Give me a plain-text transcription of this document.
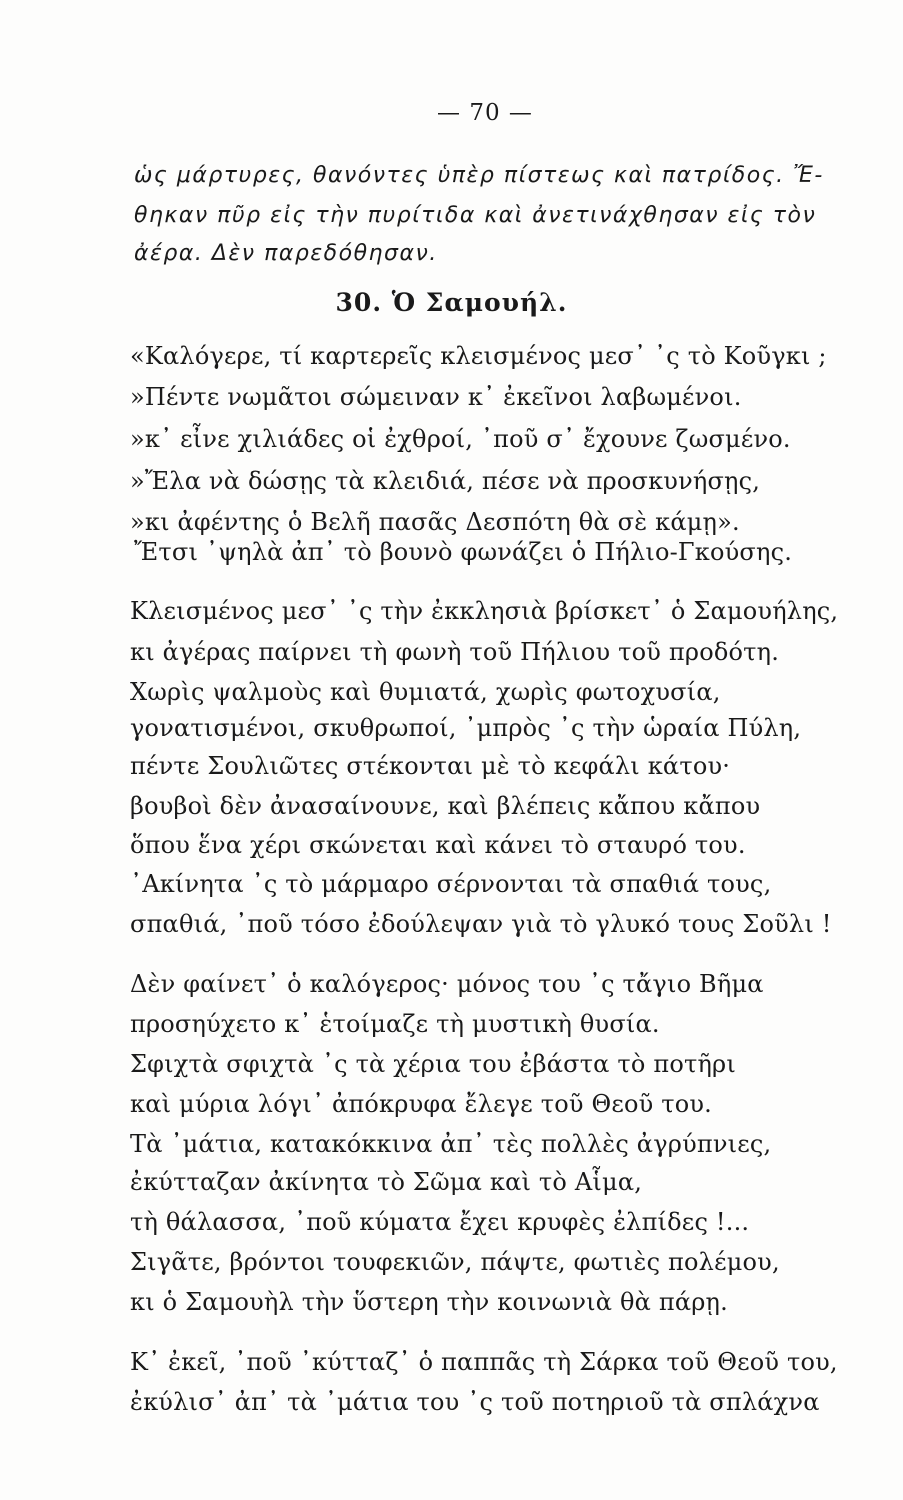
— 70 —
ὡς μάρτυρες, θανόντες ὑπὲρ πίστεως καὶ πατρίδος. Ἔ-
θηκαν πῦρ εἰς τὴν πυρίτιδα καὶ ἀνετινάχθησαν εἰς τὸν
ἀέρα. Δὲν παρεδόθησαν.
30. Ὁ Σαμουήλ.
«Καλόγερε, τί καρτερεῖς κλεισμένος μεσ᾿ ᾿ς τὸ Κοῦγκι ;
»Πέντε νωμᾶτοι σώμειναν κ᾿ ἐκεῖνοι λαβωμένοι.
»κ᾿ εἶνε χιλιάδες οἱ ἐχθροί, ᾿ποῦ σ᾿ ἔχουνε ζωσμένο.
»Ἔλα νὰ δώσῃς τὰ κλειδιά, πέσε νὰ προσκυνήσῃς,
»κι ἀφέντης ὁ Βελῆ πασᾶς Δεσπότη θὰ σὲ κάμῃ».
Ἔτσι ᾿ψηλὰ ἀπ᾿ τὸ βουνὸ φωνάζει ὁ Πήλιο-Γκούσης.
Κλεισμένος μεσ᾿ ᾿ς τὴν ἐκκλησιὰ βρίσκετ᾿ ὁ Σαμουήλης,
κι ἀγέρας παίρνει τὴ φωνὴ τοῦ Πήλιου τοῦ προδότη.
Χωρὶς ψαλμοὺς καὶ θυμιατά, χωρὶς φωτοχυσία,
γονατισμένοι, σκυθρωποί, ᾿μπρὸς ᾿ς τὴν ὡραία Πύλη,
πέντε Σουλιῶτες στέκονται μὲ τὸ κεφάλι κάτου·
βουβοὶ δὲν ἀνασαίνουνε, καὶ βλέπεις κἄπου κἄπου
ὅπου ἕνα χέρι σκώνεται καὶ κάνει τὸ σταυρό του.
᾿Ακίνητα ᾿ς τὸ μάρμαρο σέρνονται τὰ σπαθιά τους,
σπαθιά, ᾿ποῦ τόσο ἐδούλεψαν γιὰ τὸ γλυκό τους Σοῦλι !
Δὲν φαίνετ᾿ ὁ καλόγερος· μόνος του ᾿ς τἄγιο Βῆμα
προσηύχετο κ᾿ ἑτοίμαζε τὴ μυστικὴ θυσία.
Σφιχτὰ σφιχτὰ ᾿ς τὰ χέρια του ἐβάστα τὸ ποτῆρι
καὶ μύρια λόγι᾿ ἀπόκρυφα ἔλεγε τοῦ Θεοῦ του.
Τὰ ᾿μάτια, κατακόκκινα ἀπ᾿ τὲς πολλὲς ἀγρύπνιες,
ἐκύτταζαν ἀκίνητα τὸ Σῶμα καὶ τὸ Αἷμα,
τὴ θάλασσα, ᾿ποῦ κύματα ἔχει κρυφὲς ἐλπίδες !...
Σιγᾶτε, βρόντοι τουφεκιῶν, πάψτε, φωτιὲς πολέμου,
κι ὁ Σαμουὴλ τὴν ὕστερη τὴν κοινωνιὰ θὰ πάρῃ.
Κ᾿ ἐκεῖ, ᾿ποῦ ᾿κύτταζ᾿ ὁ παππᾶς τὴ Σάρκα τοῦ Θεοῦ του,
ἐκύλισ᾿ ἀπ᾿ τὰ ᾿μάτια του ᾿ς τοῦ ποτηριοῦ τὰ σπλάχνα
